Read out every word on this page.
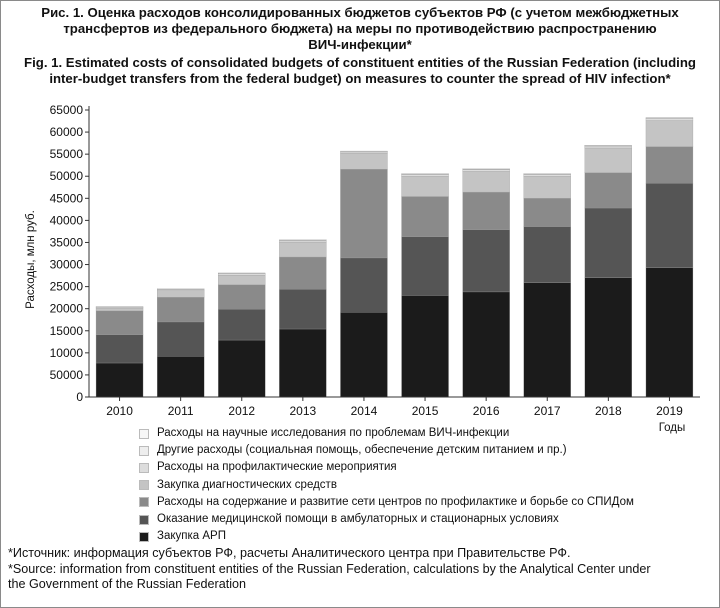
Рис. 1. Оценка расходов консолидированных бюджетов субъектов РФ (с учетом межбюджетных
трансфертов из федерального бюджета) на меры по противодействию распространению
ВИЧ-инфекции*
Fig. 1. Estimated costs of consolidated budgets of constituent entities of the Russian Federation (including
inter-budget transfers from the federal budget) on measures to counter the spread of HIV infection*
2010	2011	2012	2013	2014	2015	2016	2017	2018	2019
0
50000
10000
15000
20000
25000
30000
35000
40000
45000
50000
55000
60000
65000
Расходы, млн руб.
Годы
Расходы на научные исследования по проблемам ВИЧ-инфекции
Другие расходы (социальная помощь, обеспечение детским питанием и пр.)
Расходы на профилактические мероприятия
Закупка диагностических средств
Расходы на содержание и развитие сети центров по профилактике и борьбе со СПИДом
Оказание медицинской помощи в амбулаторных и стационарных условиях
Закупка АРП
*Источник: информация субъектов РФ, расчеты Аналитического центра при Правительстве РФ.
*Source: information from constituent entities of the Russian Federation, calculations by the Analytical Center under
the Government of the Russian Federation
